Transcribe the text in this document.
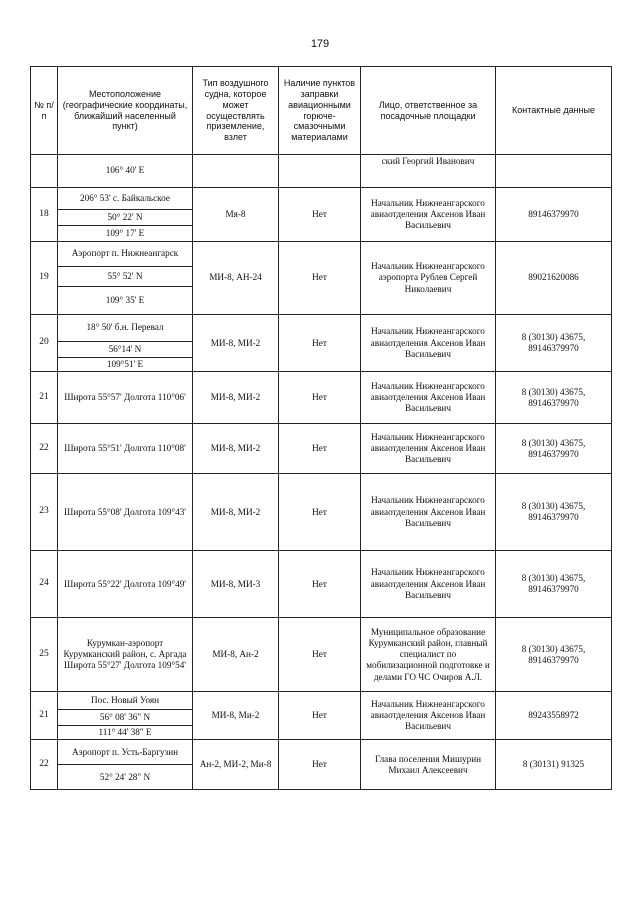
179
№ п/п	Местоположение (географические координаты, ближайший населенный пункт)	Тип воздушного судна, которое может осуществлять приземление, взлет	Наличие пунктов заправки авиационными горюче-смазочными материалами	Лицо, ответственное за посадочные площадки	Контактные данные
	106° 40' E			ский Георгий Иванович	
18	206° 53' с. Байкальское	Мя-8	Нет	Начальник Нижнеангарского авиаотделения Аксенов Иван Васильевич	89146379970
	50° 22' N				
	109° 17' E				
19	Аэропорт п. Нижнеангарск	МИ-8, АН-24	Нет	Начальник Нижнеангарского аэропорта Рублев Сергей Николаевич	89021620086
	55° 52' N				
	109° 35' E				
20	18° 50' б.н. Перевал	МИ-8, МИ-2	Нет	Начальник Нижнеангарского авиаотделения Аксенов Иван Васильевич	8 (30130) 43675, 89146379970
	56°14' N				
	109°51' E				
21	Широта 55°57' Долгота 110°06'	МИ-8, МИ-2	Нет	Начальник Нижнеангарского авиаотделения Аксенов Иван Васильевич	8 (30130) 43675, 89146379970
22	Широта 55°51' Долгота 110°08'	МИ-8, МИ-2	Нет	Начальник Нижнеангарского авиаотделения Аксенов Иван Васильевич	8 (30130) 43675, 89146379970
23	Широта 55°08' Долгота 109°43'	МИ-8, МИ-2	Нет	Начальник Нижнеангарского авиаотделения Аксенов Иван Васильевич	8 (30130) 43675, 89146379970
24	Широта 55°22' Долгота 109°49'	МИ-8, МИ-3	Нет	Начальник Нижнеангарского авиаотделения Аксенов Иван Васильевич	8 (30130) 43675, 89146379970
25	Курумкан-аэропорт Курумканский район, с. Аргада Широта 55°27' Долгота 109°54'	МИ-8, Ан-2	Нет	Муниципальное образование Курумканский район, главный специалист по мобилизационной подготовке и делами ГО ЧС Очиров А.Л.	8 (30130) 43675, 89146379970
21	Пос. Новый Уоян	МИ-8, Ми-2	Нет	Начальник Нижнеангарского авиаотделения Аксенов Иван Васильевич	89243558972
	56° 08' 36" N				
	111° 44' 38" E				
22	Аэропорт п. Усть-Баргузин	Ан-2, МИ-2, Ми-8	Нет	Глава поселения Мишурин Михаил Алексеевич	8 (30131) 91325
	52° 24' 28" N				
